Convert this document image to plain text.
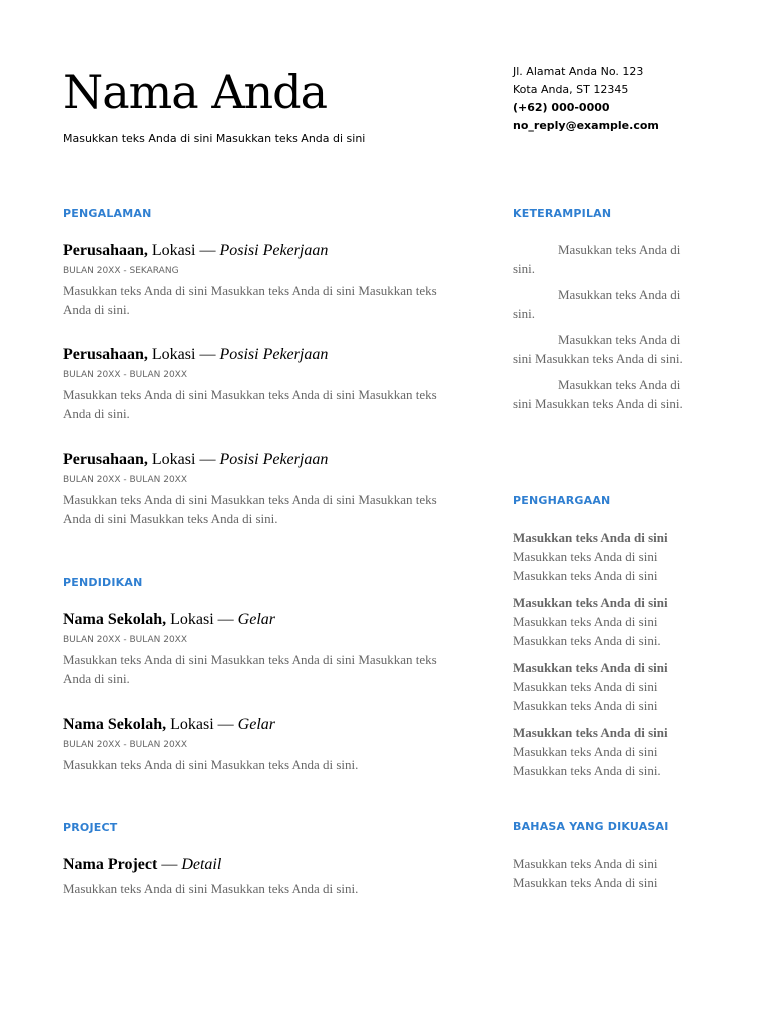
Nama Anda
Masukkan teks Anda di sini Masukkan teks Anda di sini
PENGALAMAN
Perusahaan, Lokasi — Posisi Pekerjaan
BULAN 20XX - SEKARANG
Masukkan teks Anda di sini Masukkan teks Anda di sini Masukkan teks Anda di sini.
Perusahaan, Lokasi — Posisi Pekerjaan
BULAN 20XX - BULAN 20XX
Masukkan teks Anda di sini Masukkan teks Anda di sini Masukkan teks Anda di sini.
Perusahaan, Lokasi — Posisi Pekerjaan
BULAN 20XX - BULAN 20XX
Masukkan teks Anda di sini Masukkan teks Anda di sini Masukkan teks Anda di sini Masukkan teks Anda di sini.
PENDIDIKAN
Nama Sekolah, Lokasi — Gelar
BULAN 20XX - BULAN 20XX
Masukkan teks Anda di sini Masukkan teks Anda di sini Masukkan teks Anda di sini.
Nama Sekolah, Lokasi — Gelar
BULAN 20XX - BULAN 20XX
Masukkan teks Anda di sini Masukkan teks Anda di sini.
PROJECT
Nama Project — Detail
Masukkan teks Anda di sini Masukkan teks Anda di sini.
Jl. Alamat Anda No. 123
Kota Anda, ST 12345
(+62) 000-0000
no_reply@example.com
KETERAMPILAN

Masukkan teks Anda di sini.

Masukkan teks Anda di sini.

Masukkan teks Anda di sini Masukkan teks Anda di sini.

Masukkan teks Anda di sini Masukkan teks Anda di sini.

PENGHARGAAN
Masukkan teks Anda di sini
Masukkan teks Anda di sini
Masukkan teks Anda di sini
Masukkan teks Anda di sini
Masukkan teks Anda di sini
Masukkan teks Anda di sini.
Masukkan teks Anda di sini
Masukkan teks Anda di sini
Masukkan teks Anda di sini
Masukkan teks Anda di sini
Masukkan teks Anda di sini
Masukkan teks Anda di sini.
BAHASA YANG DIKUASAI
Masukkan teks Anda di sini
Masukkan teks Anda di sini
